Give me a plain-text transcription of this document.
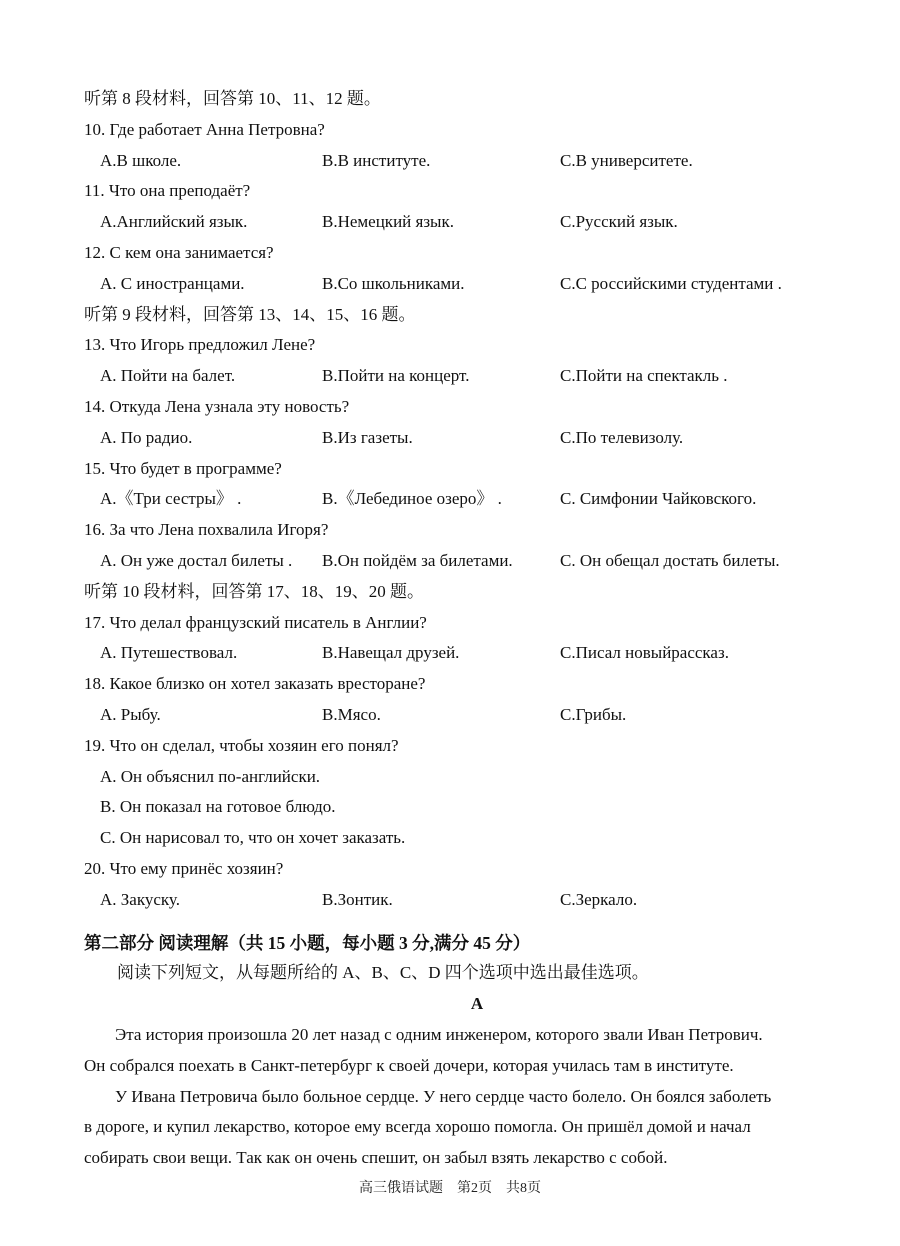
听第 8 段材料，回答第 10、11、12 题。
10. Где работает Анна Петровна?
А.В школе.	В.В институте.	С.В университете.
11. Что она преподаёт?
А.Английский язык.	В.Немецкий язык.	С.Русский язык.
12. С кем она занимается?
А. С иностранцами.	В.Со школьниками.	С.С российскими студентами .
听第 9 段材料，回答第 13、14、15、16 题。
13. Что Игорь предложил Лене?
А. Пойти на балет.	В.Пойти на концерт.	С.Пойти на спектакль .
14. Откуда Лена узнала эту новость?
А. По радио.	В.Из газеты.	С.По телевизолу.
15. Что будет в программе?
А.《Три сестры》 .	В.《Лебединое озеро》 .	С. Симфонии Чайковского.
16. За что Лена похвалила Игоря?
А. Он уже достал билеты .	В.Он пойдём за билетами.	С. Он обещал достать билеты.
听第 10 段材料，回答第 17、18、19、20 题。
17. Что делал французский писатель в Англии?
А. Путешествовал.	В.Навещал друзей.	С.Писал новыйрассказ.
18. Какое близко он хотел заказать вресторане?
А. Рыбу.	В.Мясо.	С.Грибы.
19. Что он сделал, чтобы хозяин его понял?
А. Он объяснил по-английски.
В. Он показал на готовое блюдо.
С. Он нарисовал то, что он хочет заказать.
20. Что ему принёс хозяин?
А. Закуску.	В.Зонтик.	С.Зеркало.
第二部分 阅读理解（共 15 小题，每小题 3 分,满分 45 分）
阅读下列短文，从每题所给的 A、B、C、D 四个选项中选出最佳选项。
A
Эта история произошла 20 лет назад с одним инженером, которого звали Иван Петрович.
Он собрался поехать в Санкт-петербург к своей дочери, которая училась там в институте.
У Ивана Петровича было больное сердце. У него сердце часто болело. Он боялся заболеть
в дороге, и купил лекарство, которое ему всегда хорошо помогла. Он пришёл домой и начал
собирать свои вещи. Так как он очень спешит, он забыл взять лекарство с собой.
高三俄语试题　第2页　共8页
